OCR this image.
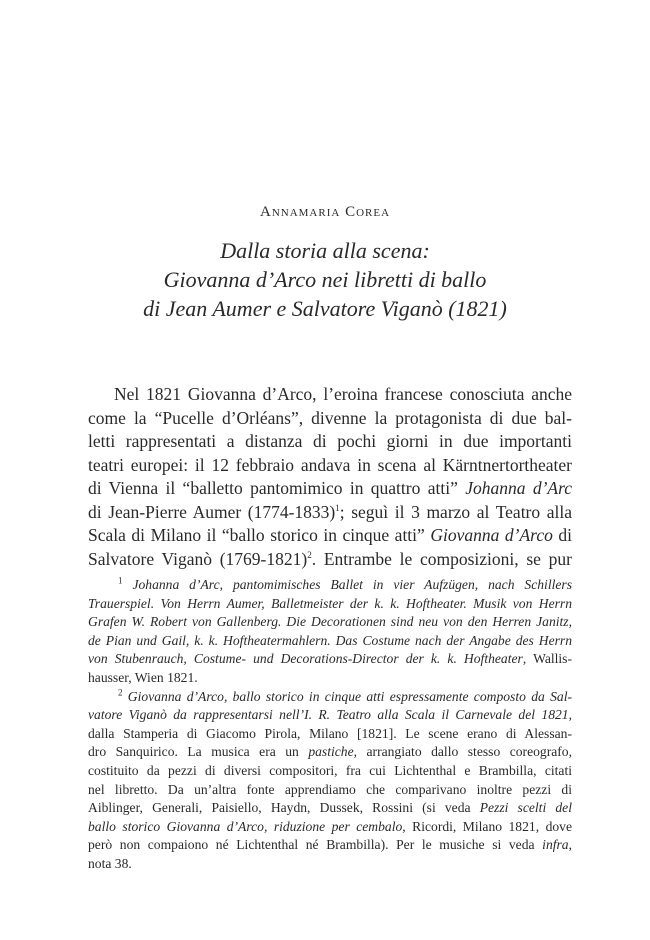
Annamaria Corea
Dalla storia alla scena:
Giovanna d’Arco nei libretti di ballo
di Jean Aumer e Salvatore Viganò (1821)
Nel 1821 Giovanna d’Arco, l’eroina francese conosciuta anche
come la “Pucelle d’Orléans”, divenne la protagonista di due bal-
letti rappresentati a distanza di pochi giorni in due importanti
teatri europei: il 12 febbraio andava in scena al Kärntnertortheater
di Vienna il “balletto pantomimico in quattro atti” Johanna d’Arc
di Jean-Pierre Aumer (1774-1833)$^1$; seguì il 3 marzo al Teatro alla
Scala di Milano il “ballo storico in cinque atti” Giovanna d’Arco di
Salvatore Viganò (1769-1821)$^2$. Entrambe le composizioni, se pur
$^1$ Johanna d’Arc, pantomimisches Ballet in vier Aufzügen, nach Schillers
Trauerspiel. Von Herrn Aumer, Balletmeister der k. k. Hoftheater. Musik von Herrn
Grafen W. Robert von Gallenberg. Die Decorationen sind neu von den Herren Janitz,
de Pian und Gail, k. k. Hoftheatermahlern. Das Costume nach der Angabe des Herrn
von Stubenrauch, Costume- und Decorations-Director der k. k. Hoftheater, Wallis-
hausser, Wien 1821.
$^2$ Giovanna d’Arco, ballo storico in cinque atti espressamente composto da Sal-
vatore Viganò da rappresentarsi nell’I. R. Teatro alla Scala il Carnevale del 1821,
dalla Stamperia di Giacomo Pirola, Milano [1821]. Le scene erano di Alessan-
dro Sanquirico. La musica era un pastiche, arrangiato dallo stesso coreografo,
costituito da pezzi di diversi compositori, fra cui Lichtenthal e Brambilla, citati
nel libretto. Da un’altra fonte apprendiamo che comparivano inoltre pezzi di
Aiblinger, Generali, Paisiello, Haydn, Dussek, Rossini (si veda Pezzi scelti del
ballo storico Giovanna d’Arco, riduzione per cembalo, Ricordi, Milano 1821, dove
però non compaiono né Lichtenthal né Brambilla). Per le musiche si veda infra,
nota 38.
